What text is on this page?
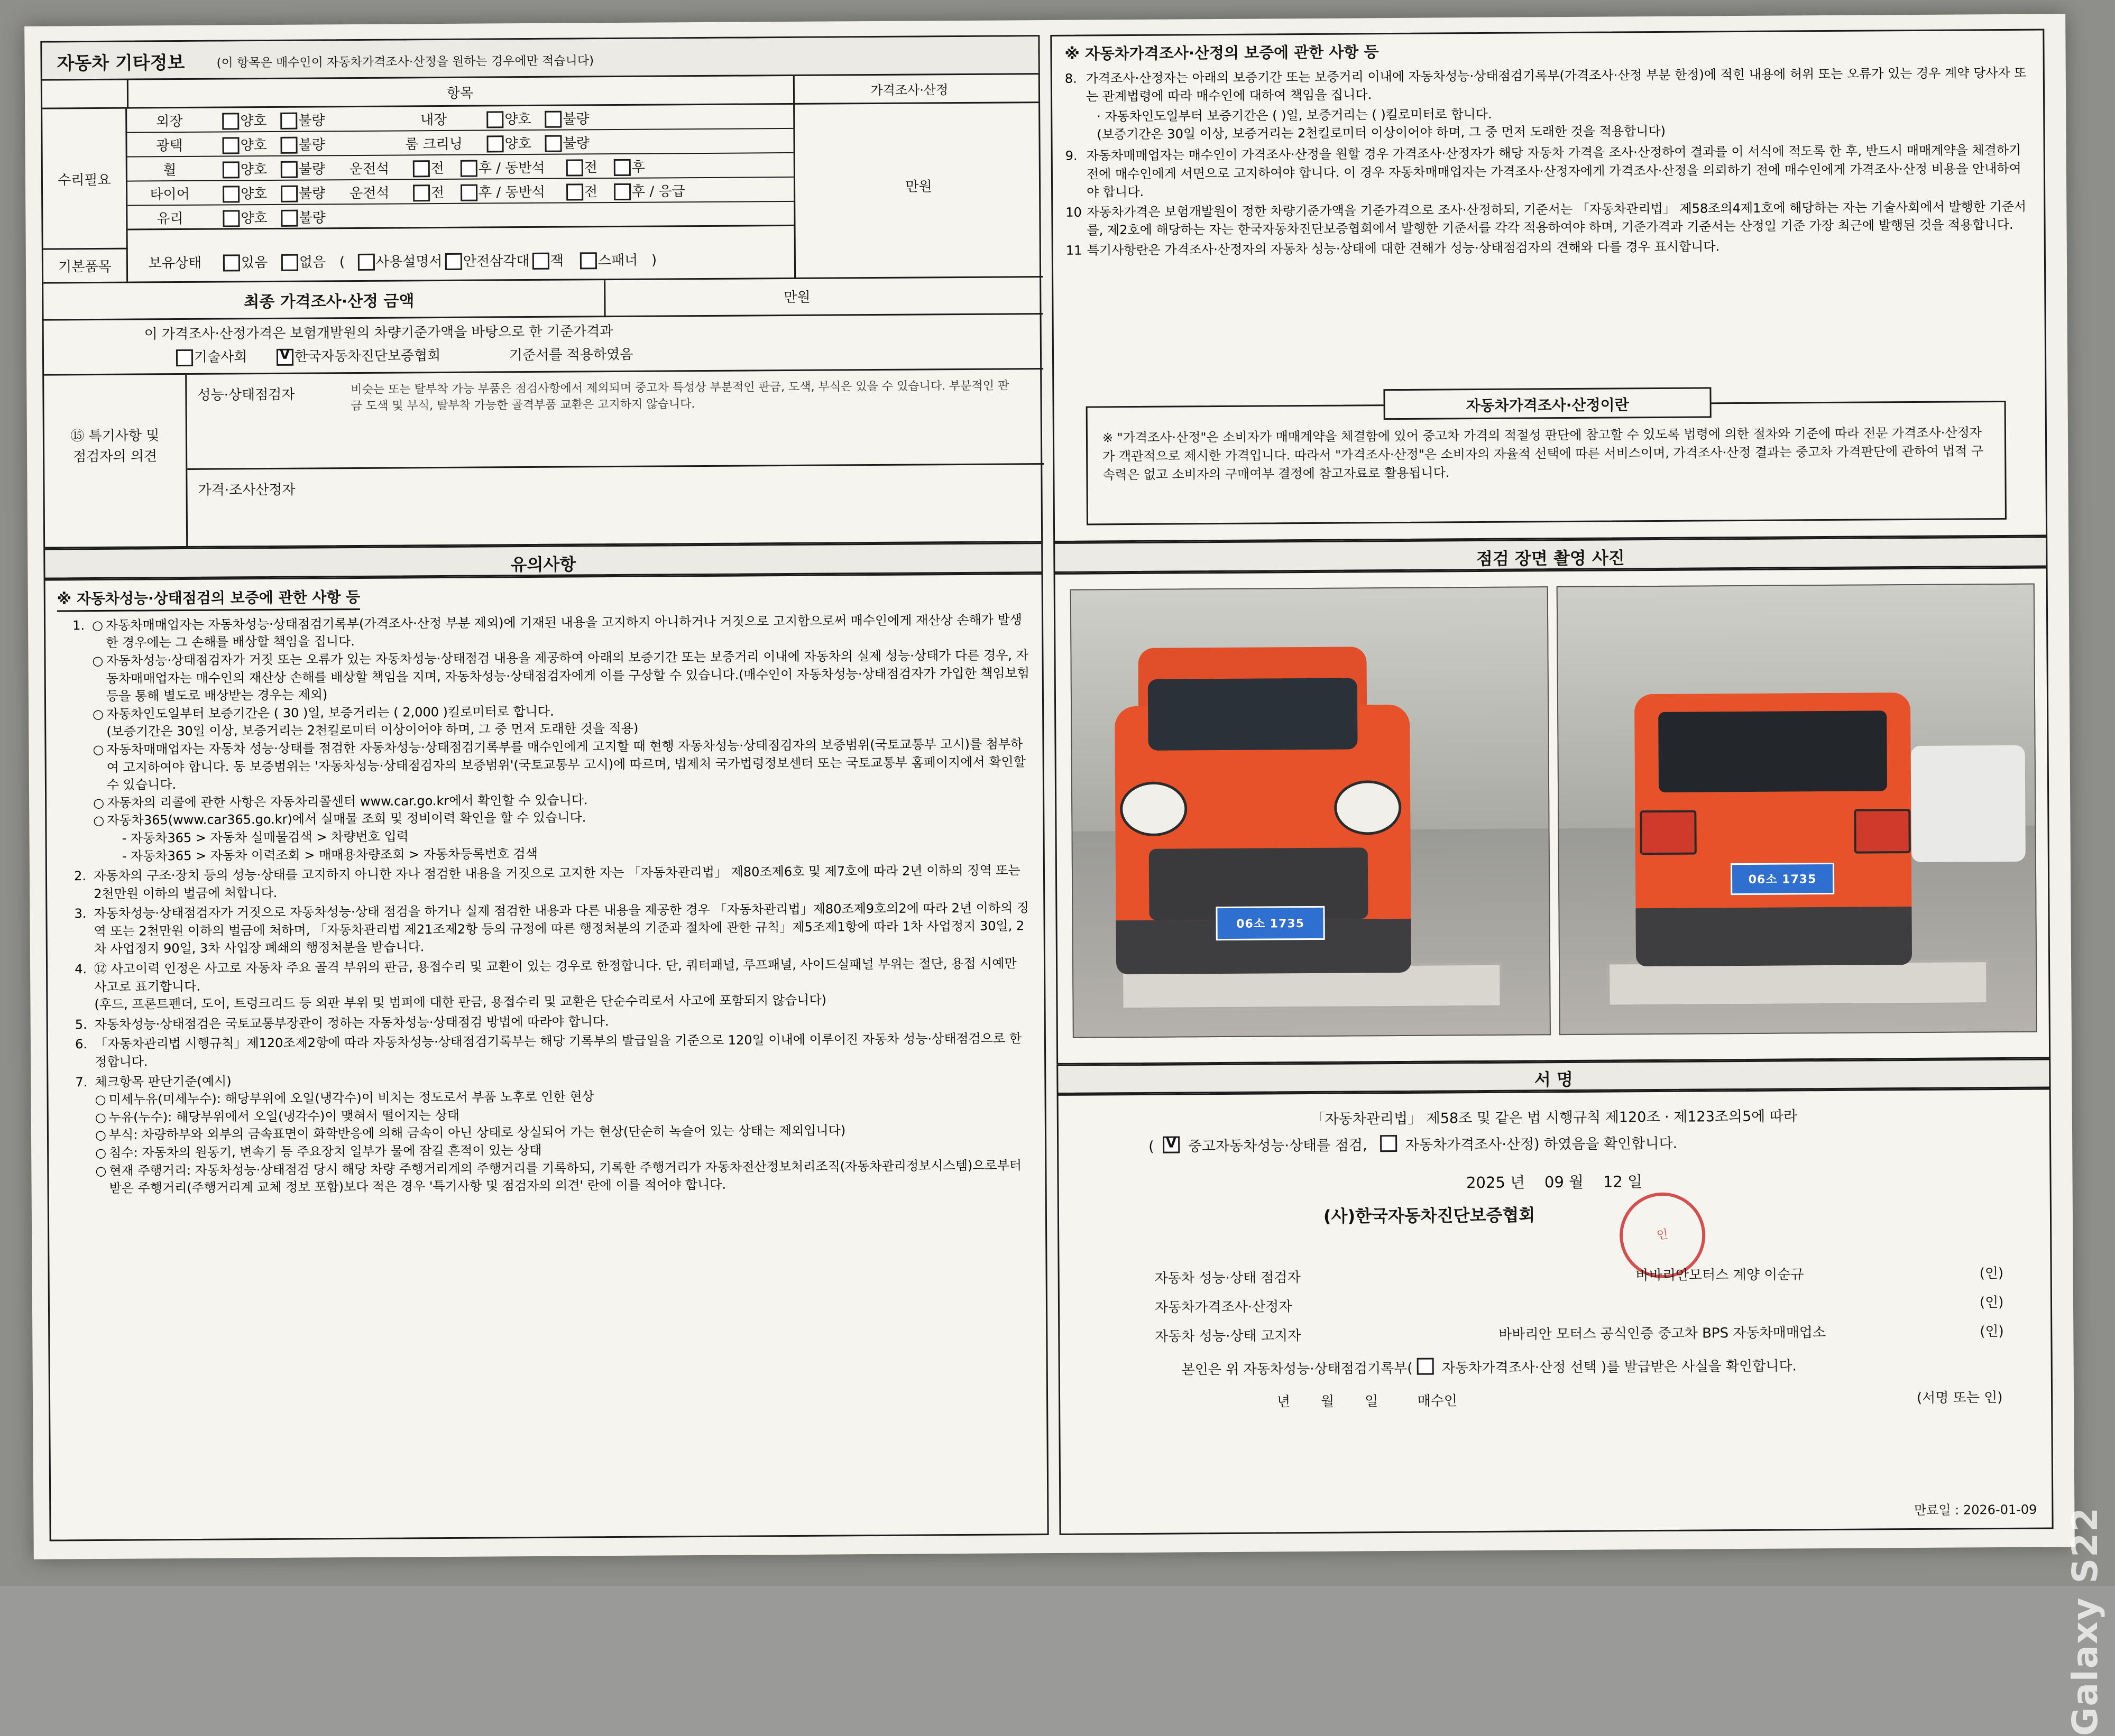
자동차 기타정보	(이 항목은 매수인이 자동차가격조사·산정을 원하는 경우에만 적습니다)
항목	가격조사·산정
수리필요	만원
외장	양호 불량	내장	양호 불량
광택	양호 불량	룸 크리닝	양호 불량
휠	양호 불량 운전석	전 후 / 동반석	전 후
타이어	양호 불량 운전석	전 후 / 동반석	전 후 / 응급
유리	양호 불량
기본품목	보유상태	있음 없음 ( 사용설명서 안전삼각대 잭 스패너 )
최종 가격조사·산정 금액	만원
이 가격조사·산정가격은 보험개발원의 차량기준가액을 바탕으로 한 기준가격과
기술사회 V	한국자동차진단보증협회	기준서를 적용하였음
⑮ 특기사항 및
점검자의 의견
성능·상태점검자	비슷는 또는 탈부착 가능 부품은 점검사항에서 제외되며 중고차 특성상 부분적인 판금, 도색, 부식은 있을 수 있습니다. 부분적인 판금 도색 및 부식, 탈부착 가능한 골격부품 교환은 고지하지 않습니다.
가격·조사산정자
※ 자동차가격조사·산정의 보증에 관한 사항 등
8. 가격조사·산정자는 아래의 보증기간 또는 보증거리 이내에 자동차성능·상태점검기록부(가격조사·산정 부분 한정)에 적힌 내용에 허위 또는 오류가 있는 경우 계약 당사자 또는 관계법령에 따라 매수인에 대하여 책임을 집니다.
· 자동차인도일부터 보증기간은 ( )일, 보증거리는 ( )킬로미터로 합니다.
(보증기간은 30일 이상, 보증거리는 2천킬로미터 이상이어야 하며, 그 중 먼저 도래한 것을 적용합니다)
9. 자동차매매업자는 매수인이 가격조사·산정을 원할 경우 가격조사·산정자가 해당 자동차 가격을 조사·산정하여 결과를 이 서식에 적도록 한 후, 반드시 매매계약을 체결하기 전에 매수인에게 서면으로 고지하여야 합니다. 이 경우 자동차매매업자는 가격조사·산정자에게 가격조사·산정을 의뢰하기 전에 매수인에게 가격조사·산정 비용을 안내하여야 합니다.
10 자동차가격은 보험개발원이 정한 차량기준가액을 기준가격으로 조사·산정하되, 기준서는 「자동차관리법」 제58조의4제1호에 해당하는 자는 기술사회에서 발행한 기준서를, 제2호에 해당하는 자는 한국자동차진단보증협회에서 발행한 기준서를 각각 적용하여야 하며, 기준가격과 기준서는 산정일 기준 가장 최근에 발행된 것을 적용합니다.
11 특기사항란은 가격조사·산정자의 자동차 성능·상태에 대한 견해가 성능·상태점검자의 견해와 다를 경우 표시합니다.
자동차가격조사·산정이란
※ "가격조사·산정"은 소비자가 매매계약을 체결함에 있어 중고차 가격의 적절성 판단에 참고할 수 있도록 법령에 의한 절차와 기준에 따라 전문 가격조사·산정자가 객관적으로 제시한 가격입니다. 따라서 "가격조사·산정"은 소비자의 자율적 선택에 따른 서비스이며, 가격조사·산정 결과는 중고차 가격판단에 관하여 법적 구속력은 없고 소비자의 구매여부 결정에 참고자료로 활용됩니다.
유의사항	점검 장면 촬영 사진
※ 자동차성능·상태점검의 보증에 관한 사항 등
1. ○ 자동차매매업자는 자동차성능·상태점검기록부(가격조사·산정 부분 제외)에 기재된 내용을 고지하지 아니하거나 거짓으로 고지함으로써 매수인에게 재산상 손해가 발생한 경우에는 그 손해를 배상할 책임을 집니다.
○ 자동차성능·상태점검자가 거짓 또는 오류가 있는 자동차성능·상태점검 내용을 제공하여 아래의 보증기간 또는 보증거리 이내에 자동차의 실제 성능·상태가 다른 경우, 자동차매매업자는 매수인의 재산상 손해를 배상할 책임을 지며, 자동차성능·상태점검자에게 이를 구상할 수 있습니다.(매수인이 자동차성능·상태점검자가 가입한 책임보험 등을 통해 별도로 배상받는 경우는 제외)
○ 자동차인도일부터 보증기간은 ( 30 )일, 보증거리는 ( 2,000 )킬로미터로 합니다.
(보증기간은 30일 이상, 보증거리는 2천킬로미터 이상이어야 하며, 그 중 먼저 도래한 것을 적용)
○ 자동차매매업자는 자동차 성능·상태를 점검한 자동차성능·상태점검기록부를 매수인에게 고지할 때 현행 자동차성능·상태점검자의 보증범위(국토교통부 고시)를 첨부하여 고지하여야 합니다. 동 보증범위는 '자동차성능·상태점검자의 보증범위'(국토교통부 고시)에 따르며, 법제처 국가법령정보센터 또는 국토교통부 홈페이지에서 확인할 수 있습니다.
○ 자동차의 리콜에 관한 사항은 자동차리콜센터 www.car.go.kr에서 확인할 수 있습니다.
○ 자동차365(www.car365.go.kr)에서 실매물 조회 및 정비이력 확인을 할 수 있습니다.
- 자동차365 > 자동차 실매물검색 > 차량번호 입력
- 자동차365 > 자동차 이력조회 > 매매용차량조회 > 자동차등록번호 검색
2. 자동차의 구조·장치 등의 성능·상태를 고지하지 아니한 자나 점검한 내용을 거짓으로 고지한 자는 「자동차관리법」 제80조제6호 및 제7호에 따라 2년 이하의 징역 또는 2천만원 이하의 벌금에 처합니다.
3. 자동차성능·상태점검자가 거짓으로 자동차성능·상태 점검을 하거나 실제 점검한 내용과 다른 내용을 제공한 경우 「자동차관리법」제80조제9호의2에 따라 2년 이하의 징역 또는 2천만원 이하의 벌금에 처하며, 「자동차관리법 제21조제2항 등의 규정에 따른 행정처분의 기준과 절차에 관한 규칙」제5조제1항에 따라 1차 사업정지 30일, 2차 사업정지 90일, 3차 사업장 폐쇄의 행정처분을 받습니다.
4. ⑫ 사고이력 인정은 사고로 자동차 주요 골격 부위의 판금, 용접수리 및 교환이 있는 경우로 한정합니다. 단, 쿼터패널, 루프패널, 사이드실패널 부위는 절단, 용접 시예만 사고로 표기합니다.
(후드, 프론트펜더, 도어, 트렁크리드 등 외판 부위 및 범퍼에 대한 판금, 용접수리 및 교환은 단순수리로서 사고에 포함되지 않습니다)
5. 자동차성능·상태점검은 국토교통부장관이 정하는 자동차성능·상태점검 방법에 따라야 합니다.
6. 「자동차관리법 시행규칙」제120조제2항에 따라 자동차성능·상태점검기록부는 해당 기록부의 발급일을 기준으로 120일 이내에 이루어진 자동차 성능·상태점검으로 한정합니다.
7. 체크항목 판단기준(예시)
○ 미세누유(미세누수): 해당부위에 오일(냉각수)이 비치는 정도로서 부품 노후로 인한 현상
○ 누유(누수): 해당부위에서 오일(냉각수)이 맺혀서 떨어지는 상태
○ 부식: 차량하부와 외부의 금속표면이 화학반응에 의해 금속이 아닌 상태로 상실되어 가는 현상(단순히 녹슬어 있는 상태는 제외입니다)
○ 침수: 자동차의 원동기, 변속기 등 주요장치 일부가 물에 잠길 흔적이 있는 상태
○ 현재 주행거리: 자동차성능·상태점검 당시 해당 차량 주행거리계의 주행거리를 기록하되, 기록한 주행거리가 자동차전산정보처리조직(자동차관리정보시스템)으로부터 받은 주행거리(주행거리계 교체 정보 포함)보다 적은 경우 '특기사항 및 점검자의 의견' 란에 이를 적어야 합니다.
06소 1735
06소 1735
서 명
「자동차관리법」 제58조 및 같은 법 시행규칙 제120조 · 제123조의5에 따라
( V 중고자동차성능·상태를 점검,	자동차가격조사·산정) 하였음을 확인합니다.
2025 년 09 월 12 일
(사)한국자동차진단보증협회
인
자동차 성능·상태 점검자	바바리안모터스 계양 이순규	(인)
자동차가격조사·산정자	(인)
자동차 성능·상태 고지자	바바리안 모터스 공식인증 중고차 BPS 자동차매매업소	(인)
본인은 위 자동차성능·상태점검기록부( 자동차가격조사·산정 선택 )를 발급받은 사실을 확인합니다.
년 월 일	매수인	(서명 또는 인)
만료일 : 2026-01-09 Galaxy S22
